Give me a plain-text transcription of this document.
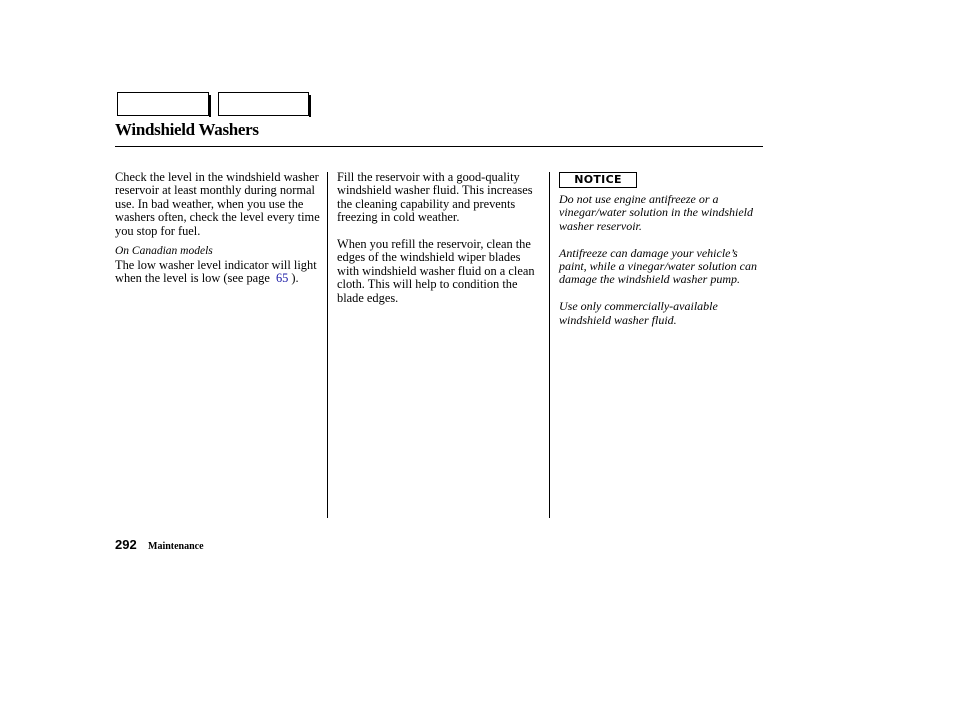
Windshield Washers

Check the level in the windshield washer reservoir at least monthly during normal use. In bad weather, when you use the washers often, check the level every time you stop for fuel.

On Canadian models
The low washer level indicator will light when the level is low (see page 65 ).

Fill the reservoir with a good-quality windshield washer fluid. This increases the cleaning capability and prevents freezing in cold weather.

When you refill the reservoir, clean the edges of the windshield wiper blades with windshield washer fluid on a clean cloth. This will help to condition the blade edges.

NOTICE

Do not use engine antifreeze or a vinegar/water solution in the windshield washer reservoir.

Antifreeze can damage your vehicle’s paint, while a vinegar/water solution can damage the windshield washer pump.

Use only commercially-available windshield washer fluid.

292 Maintenance
